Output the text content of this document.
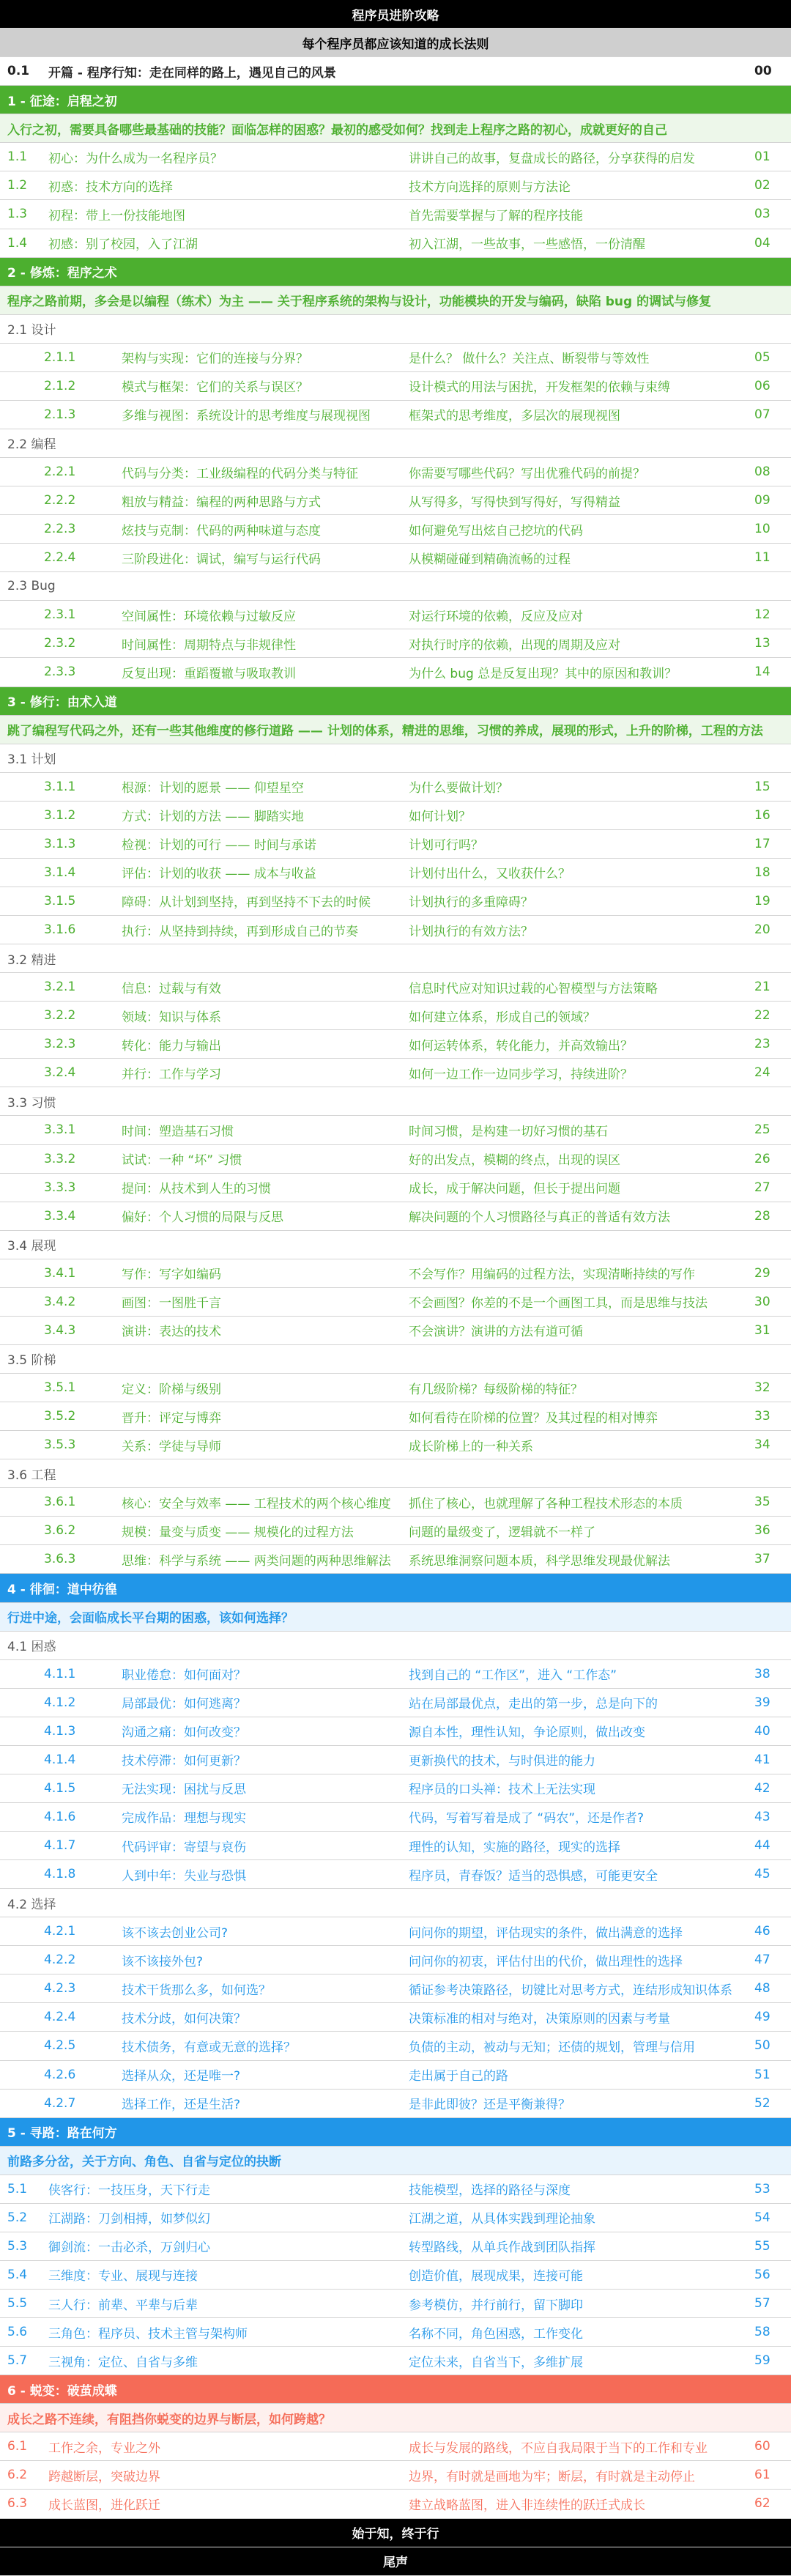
程序员进阶攻略
每个程序员都应该知道的成长法则
0.1	开篇 - 程序行知：走在同样的路上，遇见自己的风景	00
1 - 征途：启程之初
入行之初，需要具备哪些最基础的技能？面临怎样的困惑？最初的感受如何？找到走上程序之路的初心，成就更好的自己
1.1	初心：为什么成为一名程序员？	讲讲自己的故事，复盘成长的路径，分享获得的启发	01
1.2	初惑：技术方向的选择	技术方向选择的原则与方法论	02
1.3	初程：带上一份技能地图	首先需要掌握与了解的程序技能	03
1.4	初感：别了校园，入了江湖	初入江湖，一些故事，一些感悟，一份清醒	04
2 - 修炼：程序之术
程序之路前期，多会是以编程（练术）为主 —— 关于程序系统的架构与设计，功能模块的开发与编码，缺陷 bug 的调试与修复
2.1 设计
2.1.1	架构与实现：它们的连接与分界？	是什么？ 做什么？关注点、断裂带与等效性	05
2.1.2	模式与框架：它们的关系与误区？	设计模式的用法与困扰，开发框架的依赖与束缚	06
2.1.3	多维与视图：系统设计的思考维度与展现视图	框架式的思考维度，多层次的展现视图	07
2.2 编程
2.2.1	代码与分类：工业级编程的代码分类与特征	你需要写哪些代码？写出优雅代码的前提？	08
2.2.2	粗放与精益：编程的两种思路与方式	从写得多，写得快到写得好，写得精益	09
2.2.3	炫技与克制：代码的两种味道与态度	如何避免写出炫自己挖坑的代码	10
2.2.4	三阶段进化：调试，编写与运行代码	从模糊碰碰到精确流畅的过程	11
2.3 Bug
2.3.1	空间属性：环境依赖与过敏反应	对运行环境的依赖，反应及应对	12
2.3.2	时间属性：周期特点与非规律性	对执行时序的依赖，出现的周期及应对	13
2.3.3	反复出现：重蹈覆辙与吸取教训	为什么 bug 总是反复出现？其中的原因和教训？	14
3 - 修行：由术入道
跳了编程写代码之外，还有一些其他维度的修行道路 —— 计划的体系，精进的思维，习惯的养成，展现的形式，上升的阶梯，工程的方法
3.1 计划
3.1.1	根源：计划的愿景 —— 仰望星空	为什么要做计划？	15
3.1.2	方式：计划的方法 —— 脚踏实地	如何计划？	16
3.1.3	检视：计划的可行 —— 时间与承诺	计划可行吗？	17
3.1.4	评估：计划的收获 —— 成本与收益	计划付出什么，又收获什么？	18
3.1.5	障碍：从计划到坚持，再到坚持不下去的时候	计划执行的多重障碍？	19
3.1.6	执行：从坚持到持续，再到形成自己的节奏	计划执行的有效方法？	20
3.2 精进
3.2.1	信息：过载与有效	信息时代应对知识过载的心智模型与方法策略	21
3.2.2	领域：知识与体系	如何建立体系，形成自己的领域？	22
3.2.3	转化：能力与输出	如何运转体系，转化能力，并高效输出？	23
3.2.4	并行：工作与学习	如何一边工作一边同步学习，持续进阶？	24
3.3 习惯
3.3.1	时间：塑造基石习惯	时间习惯，是构建一切好习惯的基石	25
3.3.2	试试：一种 “坏” 习惯	好的出发点，模糊的终点，出现的误区	26
3.3.3	提问：从技术到人生的习惯	成长，成于解决问题，但长于提出问题	27
3.3.4	偏好：个人习惯的局限与反思	解决问题的个人习惯路径与真正的普适有效方法	28
3.4 展现
3.4.1	写作：写字如编码	不会写作？用编码的过程方法，实现清晰持续的写作	29
3.4.2	画图：一图胜千言	不会画图？你差的不是一个画图工具，而是思维与技法	30
3.4.3	演讲：表达的技术	不会演讲？演讲的方法有道可循	31
3.5 阶梯
3.5.1	定义：阶梯与级别	有几级阶梯？每级阶梯的特征？	32
3.5.2	晋升：评定与博弈	如何看待在阶梯的位置？及其过程的相对博弈	33
3.5.3	关系：学徒与导师	成长阶梯上的一种关系	34
3.6 工程
3.6.1	核心：安全与效率 —— 工程技术的两个核心维度	抓住了核心，也就理解了各种工程技术形态的本质	35
3.6.2	规模：量变与质变 —— 规模化的过程方法	问题的量级变了，逻辑就不一样了	36
3.6.3	思维：科学与系统 —— 两类问题的两种思维解法	系统思维洞察问题本质，科学思维发现最优解法	37
4 - 徘徊：道中彷徨
行进中途，会面临成长平台期的困惑，该如何选择？
4.1 困惑
4.1.1	职业倦怠：如何面对？	找到自己的 “工作区”，进入 “工作态”	38
4.1.2	局部最优：如何逃离？	站在局部最优点，走出的第一步，总是向下的	39
4.1.3	沟通之痛：如何改变？	源自本性，理性认知，争论原则，做出改变	40
4.1.4	技术停滞：如何更新？	更新换代的技术，与时俱进的能力	41
4.1.5	无法实现：困扰与反思	程序员的口头禅：技术上无法实现	42
4.1.6	完成作品：理想与现实	代码，写着写着是成了 “码农”，还是作者?	43
4.1.7	代码评审：寄望与哀伤	理性的认知，实施的路径，现实的选择	44
4.1.8	人到中年：失业与恐惧	程序员，青春饭？适当的恐惧感，可能更安全	45
4.2 选择
4.2.1	该不该去创业公司?	问问你的期望，评估现实的条件，做出满意的选择	46
4.2.2	该不该接外包?	问问你的初衷，评估付出的代价，做出理性的选择	47
4.2.3	技术干货那么多，如何选？	循证参考决策路径，切键比对思考方式，连结形成知识体系	48
4.2.4	技术分歧，如何决策？	决策标准的相对与绝对，决策原则的因素与考量	49
4.2.5	技术债务，有意或无意的选择？	负债的主动，被动与无知；还债的规划，管理与信用	50
4.2.6	选择从众，还是唯一?	走出属于自己的路	51
4.2.7	选择工作，还是生活?	是非此即彼？还是平衡兼得？	52
5 - 寻路：路在何方
前路多分岔，关于方向、角色、自省与定位的抉断
5.1	侠客行：一技压身，天下行走	技能模型，选择的路径与深度	53
5.2	江湖路：刀剑相搏，如梦似幻	江湖之道，从具体实践到理论抽象	54
5.3	御剑流：一击必杀，万剑归心	转型路线，从单兵作战到团队指挥	55
5.4	三维度：专业、展现与连接	创造价值，展现成果，连接可能	56
5.5	三人行：前辈、平辈与后辈	参考模仿，并行前行，留下脚印	57
5.6	三角色：程序员、技术主管与架构师	名称不同，角色困惑，工作变化	58
5.7	三视角：定位、自省与多维	定位未来，自省当下，多维扩展	59
6 - 蜕变：破茧成蝶
成长之路不连续，有阻挡你蜕变的边界与断层，如何跨越？
6.1	工作之余，专业之外	成长与发展的路线，不应自我局限于当下的工作和专业	60
6.2	跨越断层，突破边界	边界，有时就是画地为牢；断层，有时就是主动停止	61
6.3	成长蓝图，进化跃迁	建立战略蓝图，进入非连续性的跃迁式成长	62
始于知，终于行
尾声
